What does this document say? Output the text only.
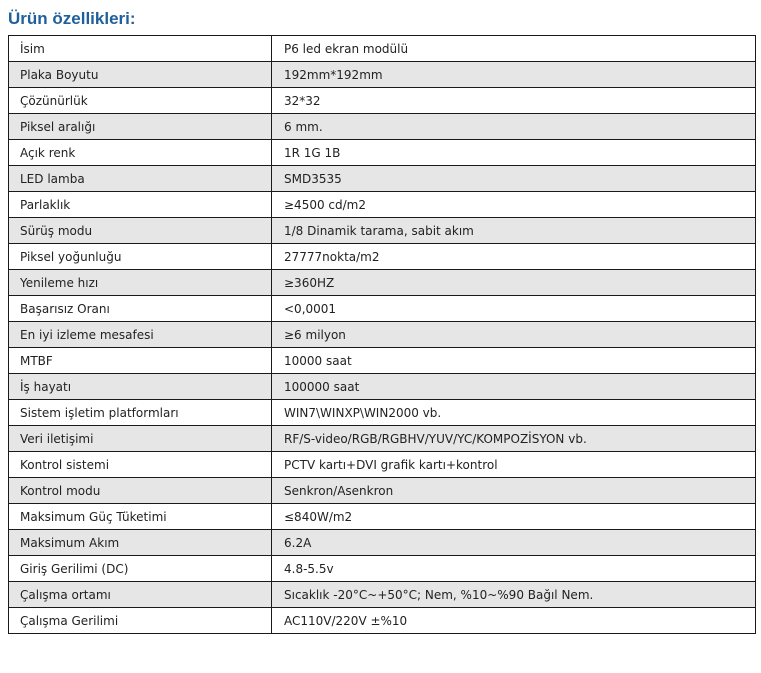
Ürün özellikleri:
İsim	P6 led ekran modülü
Plaka Boyutu	192mm*192mm
Çözünürlük	32*32
Piksel aralığı	6 mm.
Açık renk	1R 1G 1B
LED lamba	SMD3535
Parlaklık	≥4500 cd/m2
Sürüş modu	1/8 Dinamik tarama, sabit akım
Piksel yoğunluğu	27777nokta/m2
Yenileme hızı	≥360HZ
Başarısız Oranı	<0,0001
En iyi izleme mesafesi	≥6 milyon
MTBF	10000 saat
İş hayatı	100000 saat
Sistem işletim platformları	WIN7\WINXP\WIN2000 vb.
Veri iletişimi	RF/S-video/RGB/RGBHV/YUV/YC/KOMPOZİSYON vb.
Kontrol sistemi	PCTV kartı+DVI grafik kartı+kontrol
Kontrol modu	Senkron/Asenkron
Maksimum Güç Tüketimi	≤840W/m2
Maksimum Akım	6.2A
Giriş Gerilimi (DC)	4.8-5.5v
Çalışma ortamı	Sıcaklık -20°C~+50°C; Nem, %10~%90 Bağıl Nem.
Çalışma Gerilimi	AC110V/220V ±%10
